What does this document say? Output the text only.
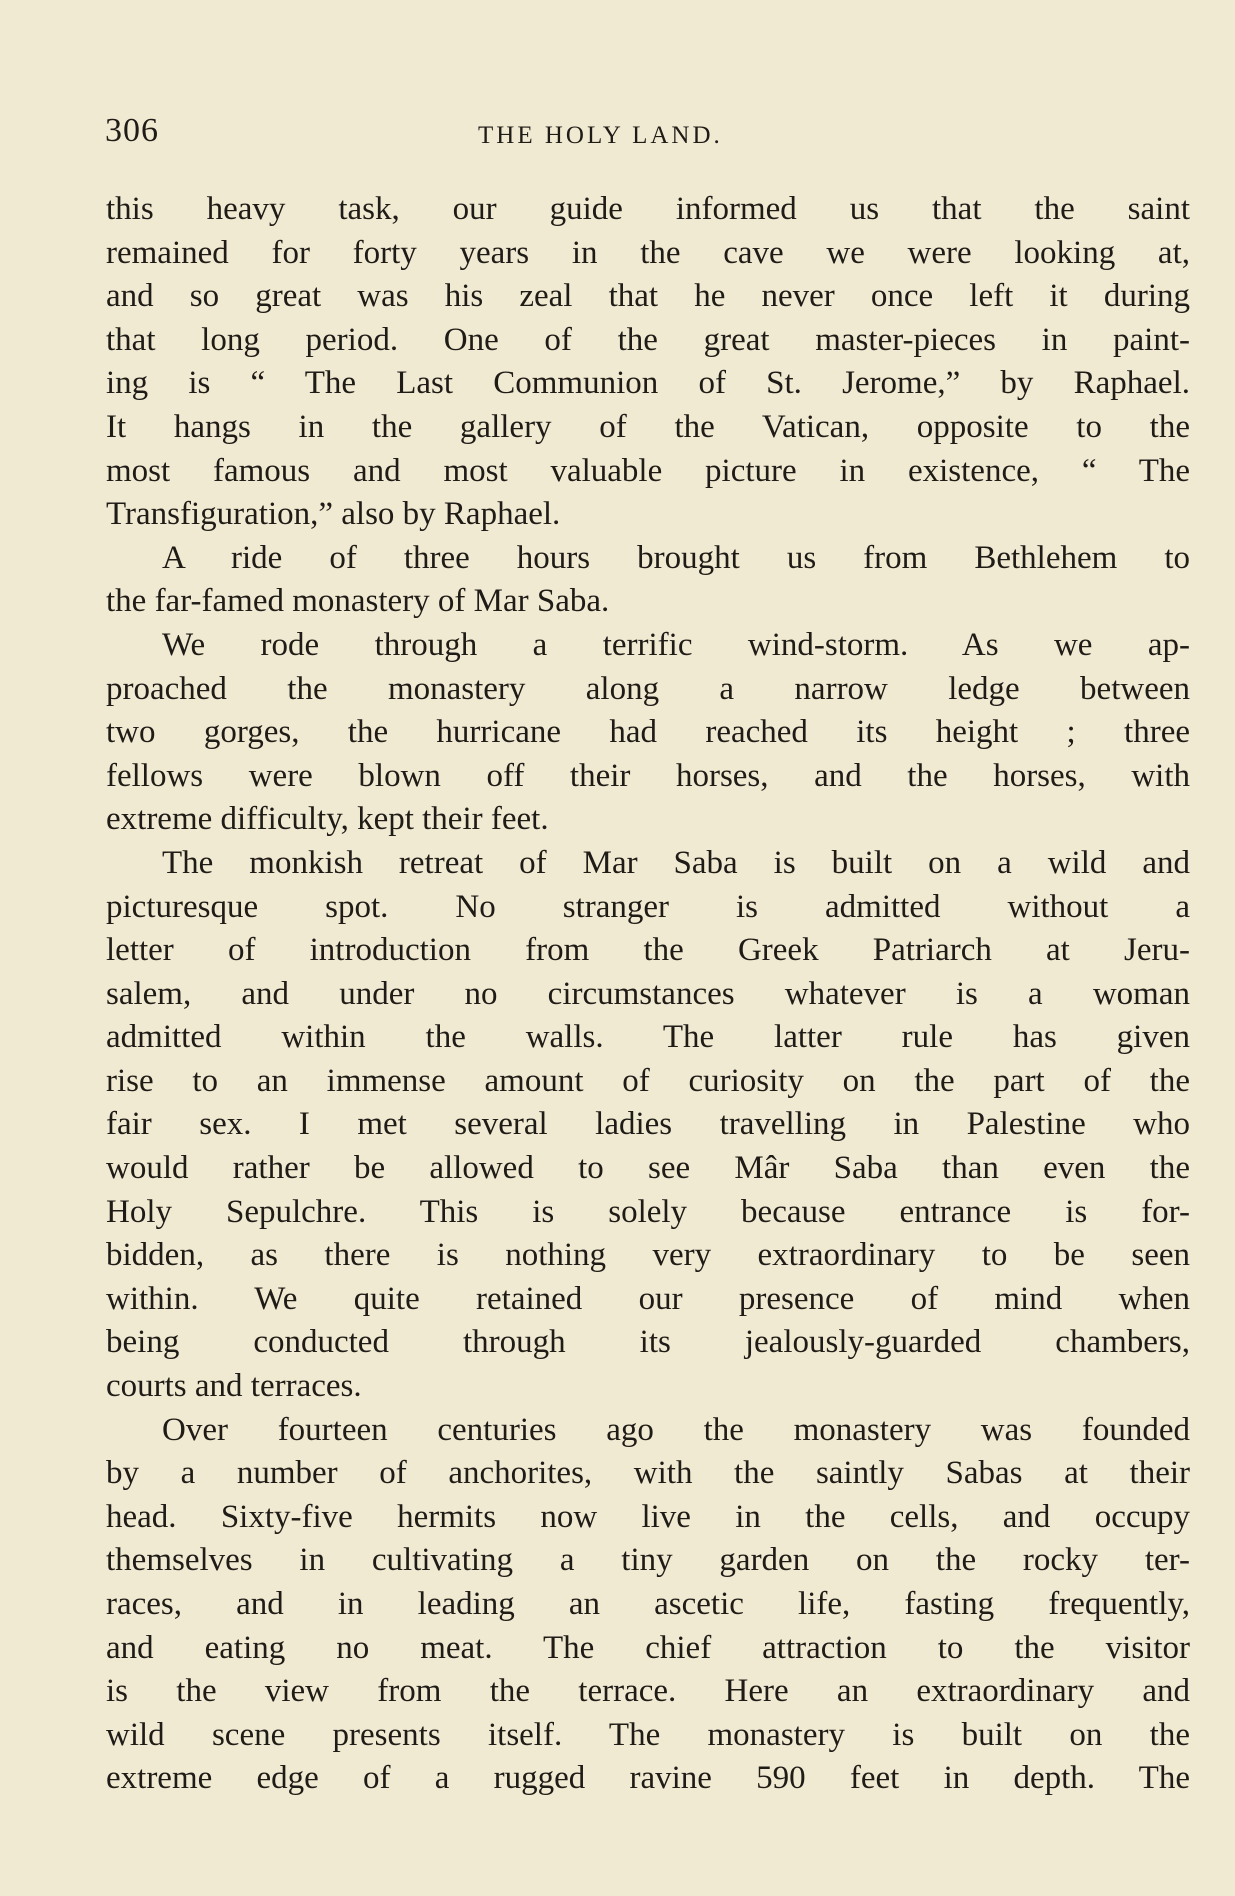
306	THE HOLY LAND.
this heavy task, our guide informed us that the saint
remained for forty years in the cave we were looking at,
and so great was his zeal that he never once left it during
that long period. One of the great master-pieces in paint-
ing is “ The Last Communion of St. Jerome,” by Raphael.
It hangs in the gallery of the Vatican, opposite to the
most famous and most valuable picture in existence, “ The
Transfiguration,” also by Raphael.
A ride of three hours brought us from Bethlehem to
the far-famed monastery of Mar Saba.
We rode through a terrific wind-storm. As we ap-
proached the monastery along a narrow ledge between
two gorges, the hurricane had reached its height ; three
fellows were blown off their horses, and the horses, with
extreme difficulty, kept their feet.
The monkish retreat of Mar Saba is built on a wild and
picturesque spot. No stranger is admitted without a
letter of introduction from the Greek Patriarch at Jeru-
salem, and under no circumstances whatever is a woman
admitted within the walls. The latter rule has given
rise to an immense amount of curiosity on the part of the
fair sex. I met several ladies travelling in Palestine who
would rather be allowed to see Mâr Saba than even the
Holy Sepulchre. This is solely because entrance is for-
bidden, as there is nothing very extraordinary to be seen
within. We quite retained our presence of mind when
being conducted through its jealously-guarded chambers,
courts and terraces.
Over fourteen centuries ago the monastery was founded
by a number of anchorites, with the saintly Sabas at their
head. Sixty-five hermits now live in the cells, and occupy
themselves in cultivating a tiny garden on the rocky ter-
races, and in leading an ascetic life, fasting frequently,
and eating no meat. The chief attraction to the visitor
is the view from the terrace. Here an extraordinary and
wild scene presents itself. The monastery is built on the
extreme edge of a rugged ravine 590 feet in depth. The
